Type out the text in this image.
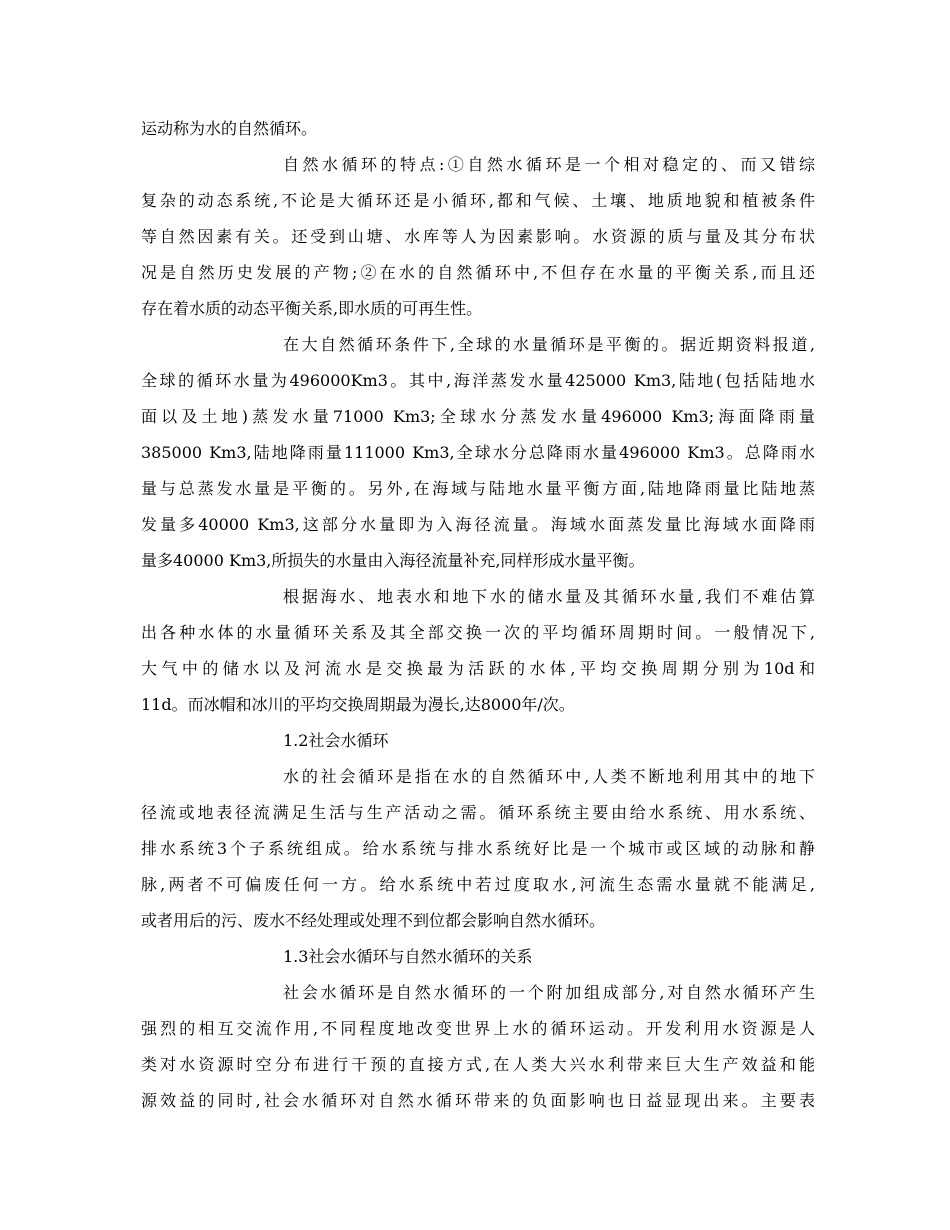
运动称为水的自然循环。
自然水循环的特点:①自然水循环是一个相对稳定的、而又错综
复杂的动态系统,不论是大循环还是小循环,都和气候、土壤、地质地貌和植被条件
等自然因素有关。还受到山塘、水库等人为因素影响。水资源的质与量及其分布状
况是自然历史发展的产物;②在水的自然循环中,不但存在水量的平衡关系,而且还
存在着水质的动态平衡关系,即水质的可再生性。
在大自然循环条件下,全球的水量循环是平衡的。据近期资料报道,
全球的循环水量为496000Km3。其中,海洋蒸发水量425000 Km3,陆地(包括陆地水
面以及土地)蒸发水量71000 Km3;全球水分蒸发水量496000 Km3;海面降雨量
385000 Km3,陆地降雨量111000 Km3,全球水分总降雨水量496000 Km3。总降雨水
量与总蒸发水量是平衡的。另外,在海域与陆地水量平衡方面,陆地降雨量比陆地蒸
发量多40000 Km3,这部分水量即为入海径流量。海域水面蒸发量比海域水面降雨
量多40000 Km3,所损失的水量由入海径流量补充,同样形成水量平衡。
根据海水、地表水和地下水的储水量及其循环水量,我们不难估算
出各种水体的水量循环关系及其全部交换一次的平均循环周期时间。一般情况下,
大气中的储水以及河流水是交换最为活跃的水体,平均交换周期分别为10d和
11d。而冰帽和冰川的平均交换周期最为漫长,达8000年/次。
1.2社会水循环
水的社会循环是指在水的自然循环中,人类不断地利用其中的地下
径流或地表径流满足生活与生产活动之需。循环系统主要由给水系统、用水系统、
排水系统3个子系统组成。给水系统与排水系统好比是一个城市或区域的动脉和静
脉,两者不可偏废任何一方。给水系统中若过度取水,河流生态需水量就不能满足,
或者用后的污、废水不经处理或处理不到位都会影响自然水循环。
1.3社会水循环与自然水循环的关系
社会水循环是自然水循环的一个附加组成部分,对自然水循环产生
强烈的相互交流作用,不同程度地改变世界上水的循环运动。开发利用水资源是人
类对水资源时空分布进行干预的直接方式,在人类大兴水利带来巨大生产效益和能
源效益的同时,社会水循环对自然水循环带来的负面影响也日益显现出来。主要表
